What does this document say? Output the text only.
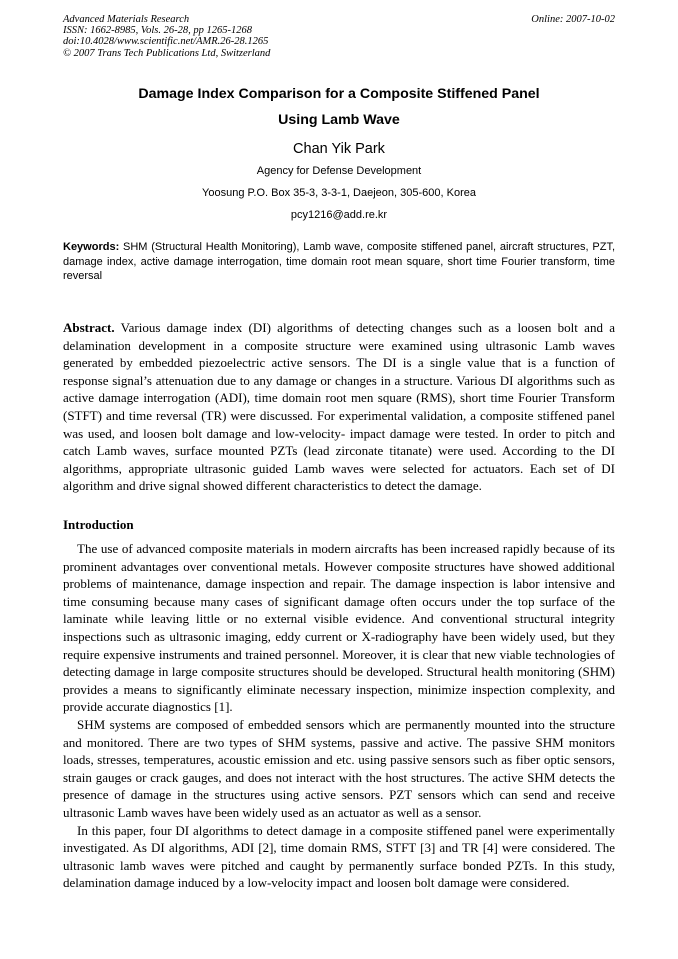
Advanced Materials Research
ISSN: 1662-8985, Vols. 26-28, pp 1265-1268
doi:10.4028/www.scientific.net/AMR.26-28.1265
© 2007 Trans Tech Publications Ltd, Switzerland
Online: 2007-10-02
Damage Index Comparison for a Composite Stiffened Panel
Using Lamb Wave
Chan Yik Park
Agency for Defense Development
Yoosung P.O. Box 35-3, 3-3-1, Daejeon, 305-600, Korea
pcy1216@add.re.kr
Keywords: SHM (Structural Health Monitoring), Lamb wave, composite stiffened panel, aircraft structures, PZT, damage index, active damage interrogation, time domain root mean square, short time Fourier transform, time reversal

Abstract. Various damage index (DI) algorithms of detecting changes such as a loosen bolt and a delamination development in a composite structure were examined using ultrasonic Lamb waves generated by embedded piezoelectric active sensors. The DI is a single value that is a function of response signal’s attenuation due to any damage or changes in a structure. Various DI algorithms such as active damage interrogation (ADI), time domain root men square (RMS), short time Fourier Transform (STFT) and time reversal (TR) were discussed. For experimental validation, a composite stiffened panel was used, and loosen bolt damage and low-velocity- impact damage were tested. In order to pitch and catch Lamb waves, surface mounted PZTs (lead zirconate titanate) were used. According to the DI algorithms, appropriate ultrasonic guided Lamb waves were selected for actuators. Each set of DI algorithm and drive signal showed different characteristics to detect the damage.

Introduction

The use of advanced composite materials in modern aircrafts has been increased rapidly because of its prominent advantages over conventional metals. However composite structures have showed additional problems of maintenance, damage inspection and repair. The damage inspection is labor intensive and time consuming because many cases of significant damage often occurs under the top surface of the laminate while leaving little or no external visible evidence. And conventional structural integrity inspections such as ultrasonic imaging, eddy current or X-radiography have been widely used, but they require expensive instruments and trained personnel. Moreover, it is clear that new viable technologies of detecting damage in large composite structures should be developed. Structural health monitoring (SHM) provides a means to significantly eliminate necessary inspection, minimize inspection complexity, and provide accurate diagnostics [1].

SHM systems are composed of embedded sensors which are permanently mounted into the structure and monitored. There are two types of SHM systems, passive and active. The passive SHM monitors loads, stresses, temperatures, acoustic emission and etc. using passive sensors such as fiber optic sensors, strain gauges or crack gauges, and does not interact with the host structures. The active SHM detects the presence of damage in the structures using active sensors. PZT sensors which can send and receive ultrasonic Lamb waves have been widely used as an actuator as well as a sensor.

In this paper, four DI algorithms to detect damage in a composite stiffened panel were experimentally investigated. As DI algorithms, ADI [2], time domain RMS, STFT [3] and TR [4] were considered. The ultrasonic lamb waves were pitched and caught by permanently surface bonded PZTs. In this study, delamination damage induced by a low-velocity impact and loosen bolt damage were considered.
